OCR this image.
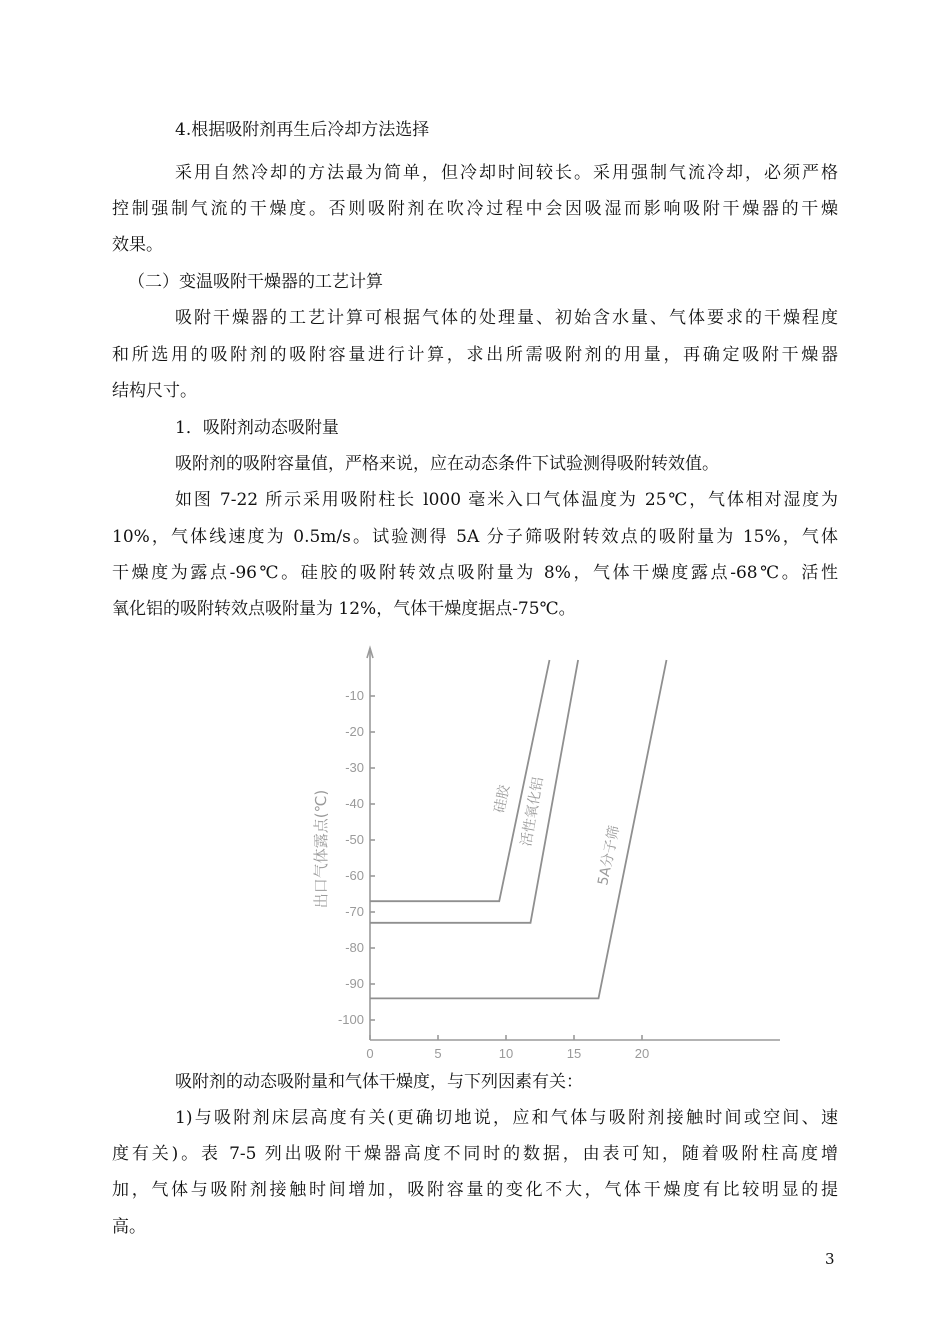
4.根据吸附剂再生后冷却方法选择
采用自然冷却的方法最为简单，但冷却时间较长。采用强制气流冷却，必须严格
控制强制气流的干燥度。否则吸附剂在吹冷过程中会因吸湿而影响吸附干燥器的干燥
效果。
（二）变温吸附干燥器的工艺计算
吸附干燥器的工艺计算可根据气体的处理量、初始含水量、气体要求的干燥程度
和所选用的吸附剂的吸附容量进行计算，求出所需吸附剂的用量，再确定吸附干燥器
结构尺寸。
1．吸附剂动态吸附量
吸附剂的吸附容量值，严格来说，应在动态条件下试验测得吸附转效值。
如图 7-22 所示采用吸附柱长 l000 毫米入口气体温度为 25℃，气体相对湿度为
10%，气体线速度为 0.5m/s。试验测得 5A 分子筛吸附转效点的吸附量为 15%，气体
干燥度为露点-96℃。硅胶的吸附转效点吸附量为 8%，气体干燥度露点-68℃。活性
氧化铝的吸附转效点吸附量为 12%，气体干燥度据点-75℃。
-10
-20
-30
-40
-50
-60
-70
-80
-90
-100
0	5	10	15	20
出口气体露点(℃)	硅胶 活性氧化铝
5A分子筛
吸附剂的动态吸附量和气体干燥度，与下列因素有关：
1)与吸附剂床层高度有关(更确切地说，应和气体与吸附剂接触时间或空间、速
度有关)。表 7-5 列出吸附干燥器高度不同时的数据，由表可知，随着吸附柱高度增
加，气体与吸附剂接触时间增加，吸附容量的变化不大，气体干燥度有比较明显的提
高。
3
